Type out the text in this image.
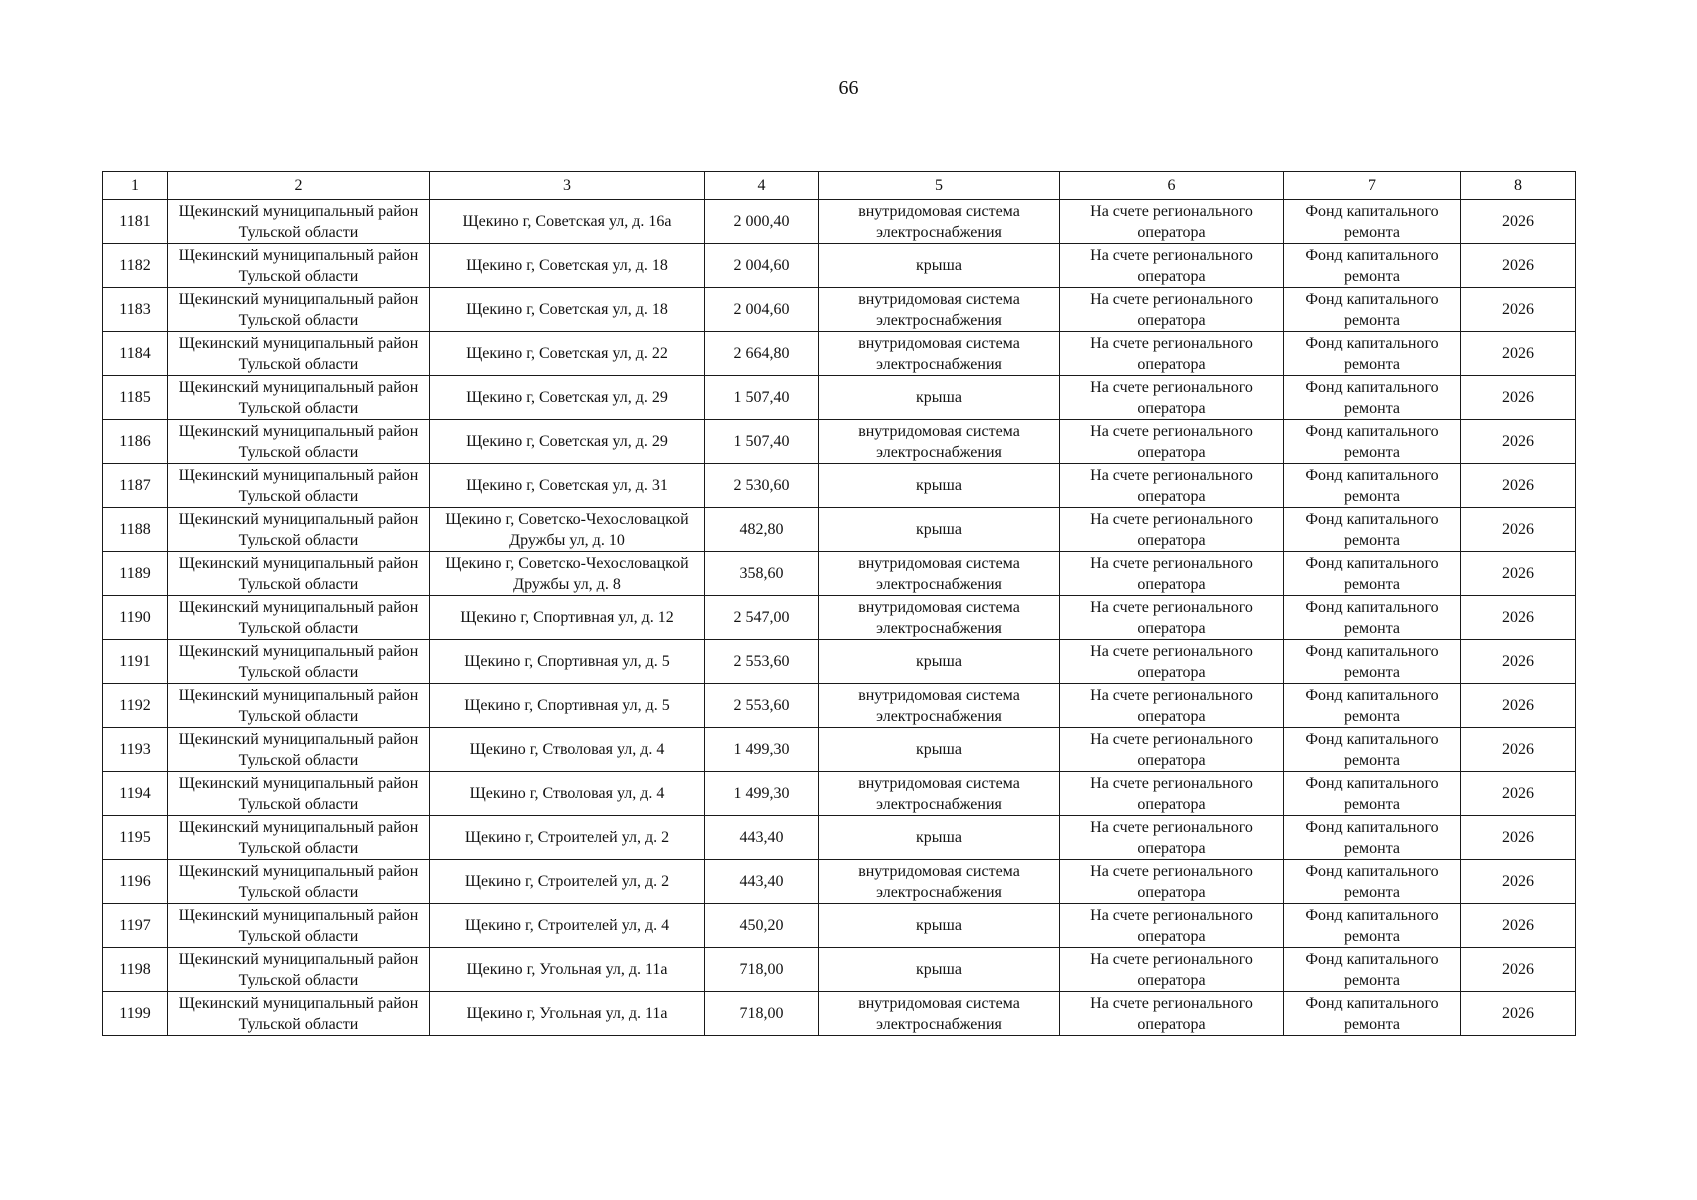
66
1	2	3	4	5	6	7	8
1181	Щекинский муниципальный район Тульской области	Щекино г, Советская ул, д. 16а	2 000,40	внутридомовая система электроснабжения	На счете регионального оператора	Фонд капитального ремонта	2026
1182	Щекинский муниципальный район Тульской области	Щекино г, Советская ул, д. 18	2 004,60	крыша	На счете регионального оператора	Фонд капитального ремонта	2026
1183	Щекинский муниципальный район Тульской области	Щекино г, Советская ул, д. 18	2 004,60	внутридомовая система электроснабжения	На счете регионального оператора	Фонд капитального ремонта	2026
1184	Щекинский муниципальный район Тульской области	Щекино г, Советская ул, д. 22	2 664,80	внутридомовая система электроснабжения	На счете регионального оператора	Фонд капитального ремонта	2026
1185	Щекинский муниципальный район Тульской области	Щекино г, Советская ул, д. 29	1 507,40	крыша	На счете регионального оператора	Фонд капитального ремонта	2026
1186	Щекинский муниципальный район Тульской области	Щекино г, Советская ул, д. 29	1 507,40	внутридомовая система электроснабжения	На счете регионального оператора	Фонд капитального ремонта	2026
1187	Щекинский муниципальный район Тульской области	Щекино г, Советская ул, д. 31	2 530,60	крыша	На счете регионального оператора	Фонд капитального ремонта	2026
1188	Щекинский муниципальный район Тульской области	Щекино г, Советско-Чехословацкой Дружбы ул, д. 10	482,80	крыша	На счете регионального оператора	Фонд капитального ремонта	2026
1189	Щекинский муниципальный район Тульской области	Щекино г, Советско-Чехословацкой Дружбы ул, д. 8	358,60	внутридомовая система электроснабжения	На счете регионального оператора	Фонд капитального ремонта	2026
1190	Щекинский муниципальный район Тульской области	Щекино г, Спортивная ул, д. 12	2 547,00	внутридомовая система электроснабжения	На счете регионального оператора	Фонд капитального ремонта	2026
1191	Щекинский муниципальный район Тульской области	Щекино г, Спортивная ул, д. 5	2 553,60	крыша	На счете регионального оператора	Фонд капитального ремонта	2026
1192	Щекинский муниципальный район Тульской области	Щекино г, Спортивная ул, д. 5	2 553,60	внутридомовая система электроснабжения	На счете регионального оператора	Фонд капитального ремонта	2026
1193	Щекинский муниципальный район Тульской области	Щекино г, Стволовая ул, д. 4	1 499,30	крыша	На счете регионального оператора	Фонд капитального ремонта	2026
1194	Щекинский муниципальный район Тульской области	Щекино г, Стволовая ул, д. 4	1 499,30	внутридомовая система электроснабжения	На счете регионального оператора	Фонд капитального ремонта	2026
1195	Щекинский муниципальный район Тульской области	Щекино г, Строителей ул, д. 2	443,40	крыша	На счете регионального оператора	Фонд капитального ремонта	2026
1196	Щекинский муниципальный район Тульской области	Щекино г, Строителей ул, д. 2	443,40	внутридомовая система электроснабжения	На счете регионального оператора	Фонд капитального ремонта	2026
1197	Щекинский муниципальный район Тульской области	Щекино г, Строителей ул, д. 4	450,20	крыша	На счете регионального оператора	Фонд капитального ремонта	2026
1198	Щекинский муниципальный район Тульской области	Щекино г, Угольная ул, д. 11а	718,00	крыша	На счете регионального оператора	Фонд капитального ремонта	2026
1199	Щекинский муниципальный район Тульской области	Щекино г, Угольная ул, д. 11а	718,00	внутридомовая система электроснабжения	На счете регионального оператора	Фонд капитального ремонта	2026
